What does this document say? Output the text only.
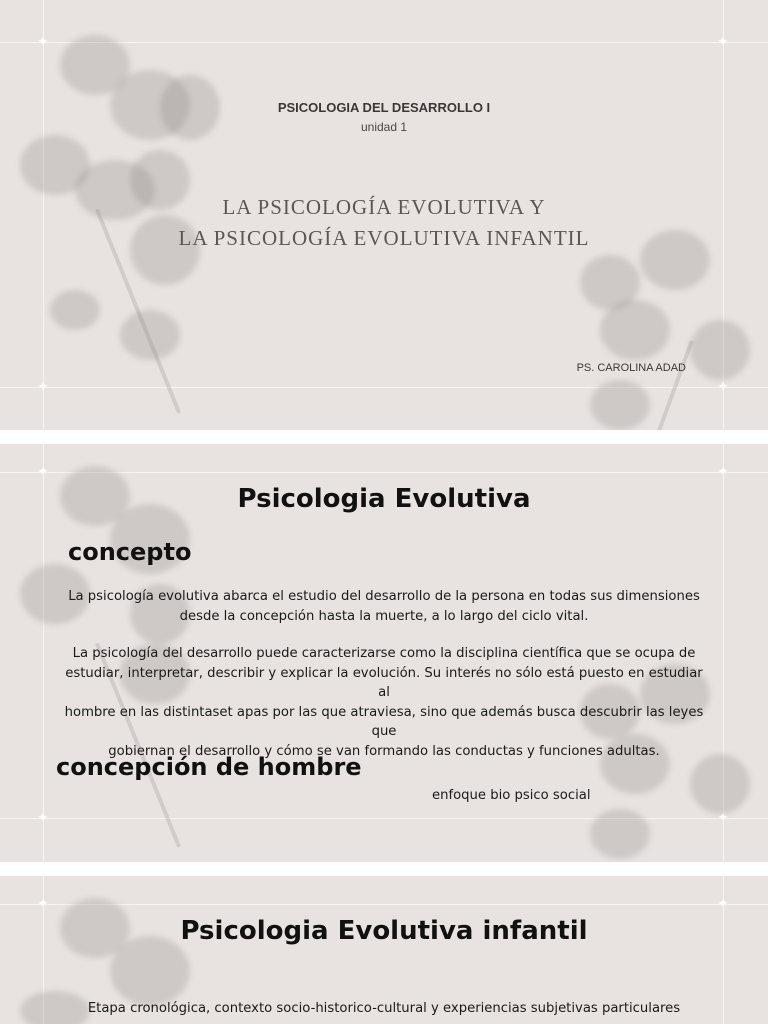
✦	✦
✦	✦
PSICOLOGIA DEL DESARROLLO I
unidad 1
LA PSICOLOGÍA EVOLUTIVA Y
LA PSICOLOGÍA EVOLUTIVA INFANTIL
PS. CAROLINA ADAD
✦	✦
✦	✦
Psicologia Evolutiva
concepto
La psicología evolutiva abarca el estudio del desarrollo de la persona en todas sus dimensiones
desde la concepción hasta la muerte, a lo largo del ciclo vital.
La psicología del desarrollo puede caracterizarse como la disciplina científica que se ocupa de
estudiar, interpretar, describir y explicar la evolución. Su interés no sólo está puesto en estudiar al
hombre en las distintaset apas por las que atraviesa, sino que además busca descubrir las leyes que
gobiernan el desarrollo y cómo se van formando las conductas y funciones adultas.
concepción de hombre
enfoque bio psico social
✦	✦
Psicologia Evolutiva infantil
Etapa cronológica, contexto socio-historico-cultural y experiencias subjetivas particulares
